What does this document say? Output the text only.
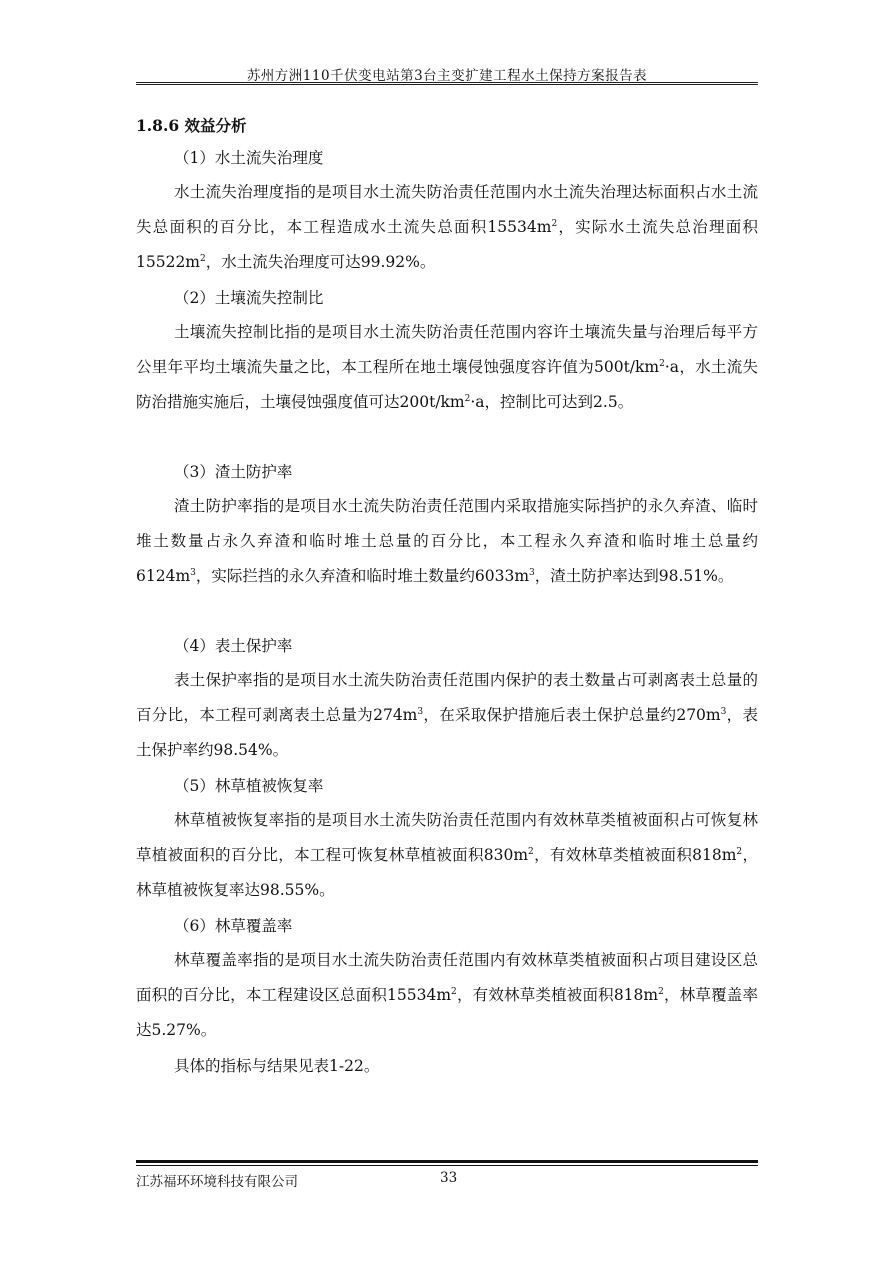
苏州方洲110千伏变电站第3台主变扩建工程水土保持方案报告表
1.8.6 效益分析
（1）水土流失治理度
水土流失治理度指的是项目水土流失防治责任范围内水土流失治理达标面积占水土流失总面积的百分比，本工程造成水土流失总面积$15534m^2$，实际水土流失总治理面积$15522m^2$，水土流失治理度可达99.92%。
（2）土壤流失控制比
土壤流失控制比指的是项目水土流失防治责任范围内容许土壤流失量与治理后每平方公里年平均土壤流失量之比，本工程所在地土壤侵蚀强度容许值为$500t/km^2\cdot a$，水土流失防治措施实施后，土壤侵蚀强度值可达$200t/km^2\cdot a$，控制比可达到2.5。
（3）渣土防护率
渣土防护率指的是项目水土流失防治责任范围内采取措施实际挡护的永久弃渣、临时堆土数量占永久弃渣和临时堆土总量的百分比，本工程永久弃渣和临时堆土总量约$6124m^3$，实际拦挡的永久弃渣和临时堆土数量约$6033m^3$，渣土防护率达到98.51%。
（4）表土保护率
表土保护率指的是项目水土流失防治责任范围内保护的表土数量占可剥离表土总量的百分比，本工程可剥离表土总量为$274m^3$，在采取保护措施后表土保护总量约$270m^3$，表土保护率约98.54%。
（5）林草植被恢复率
林草植被恢复率指的是项目水土流失防治责任范围内有效林草类植被面积占可恢复林草植被面积的百分比，本工程可恢复林草植被面积$830m^2$，有效林草类植被面积$818m^2$，林草植被恢复率达98.55%。
（6）林草覆盖率
林草覆盖率指的是项目水土流失防治责任范围内有效林草类植被面积占项目建设区总面积的百分比，本工程建设区总面积$15534m^2$，有效林草类植被面积$818m^2$，林草覆盖率达5.27%。
具体的指标与结果见表1-22。
江苏福环环境科技有限公司	33
